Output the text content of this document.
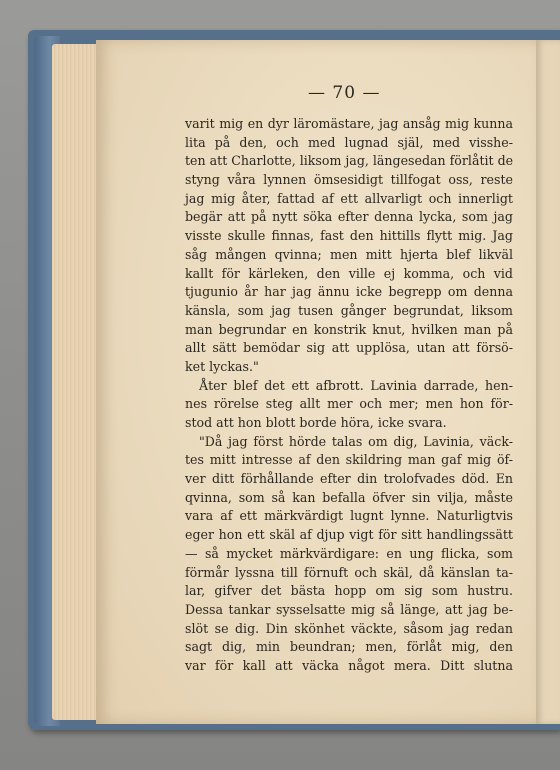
— 70 —
varit mig en dyr läromästare, jag ansåg mig kunna
lita på den, och med lugnad själ, med visshe-
ten att Charlotte, liksom jag, längesedan förlåtit de
styng våra lynnen ömsesidigt tillfogat oss, reste
jag mig åter, fattad af ett allvarligt och innerligt
begär att på nytt söka efter denna lycka, som jag
visste skulle finnas, fast den hittills flytt mig. Jag
såg mången qvinna; men mitt hjerta blef likväl
kallt för kärleken, den ville ej komma, och vid
tjugunio år har jag ännu icke begrepp om denna
känsla, som jag tusen gånger begrundat, liksom
man begrundar en konstrik knut, hvilken man på
allt sätt bemödar sig att upplösa, utan att försö-
ket lyckas."
Åter blef det ett afbrott. Lavinia darrade, hen-
nes rörelse steg allt mer och mer; men hon för-
stod att hon blott borde höra, icke svara.
"Då jag först hörde talas om dig, Lavinia, väck-
tes mitt intresse af den skildring man gaf mig öf-
ver ditt förhållande efter din trolofvades död. En
qvinna, som så kan befalla öfver sin vilja, måste
vara af ett märkvärdigt lugnt lynne. Naturligtvis
eger hon ett skäl af djup vigt för sitt handlingssätt
— så mycket märkvärdigare: en ung flicka, som
förmår lyssna till förnuft och skäl, då känslan ta-
lar, gifver det bästa hopp om sig som hustru.
Dessa tankar sysselsatte mig så länge, att jag be-
slöt se dig. Din skönhet väckte, såsom jag redan
sagt dig, min beundran; men, förlåt mig, den
var för kall att väcka något mera. Ditt slutna
